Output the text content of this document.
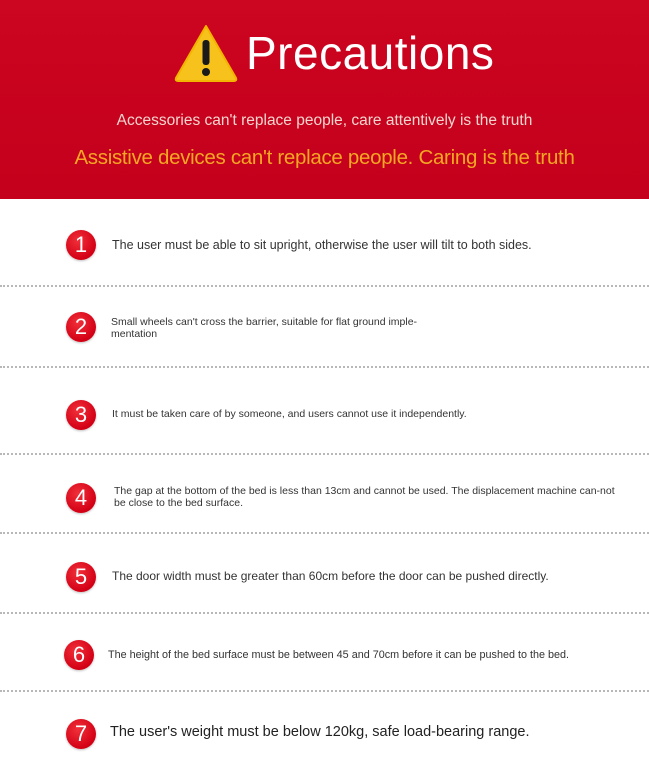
Precautions
Accessories can't replace people, care attentively is the truth
Assistive devices can't replace people. Caring is the truth
1	The user must be able to sit upright, otherwise the user will tilt to both sides.
2	Small wheels can't cross the barrier, suitable for flat ground imple-mentation
3	It must be taken care of by someone, and users cannot use it independently.
4	The gap at the bottom of the bed is less than 13cm and cannot be used. The displacement machine can-not be close to the bed surface.
5	The door width must be greater than 60cm before the door can be pushed directly.
6	The height of the bed surface must be between 45 and 70cm before it can be pushed to the bed.
7	The user's weight must be below 120kg, safe load-bearing range.
